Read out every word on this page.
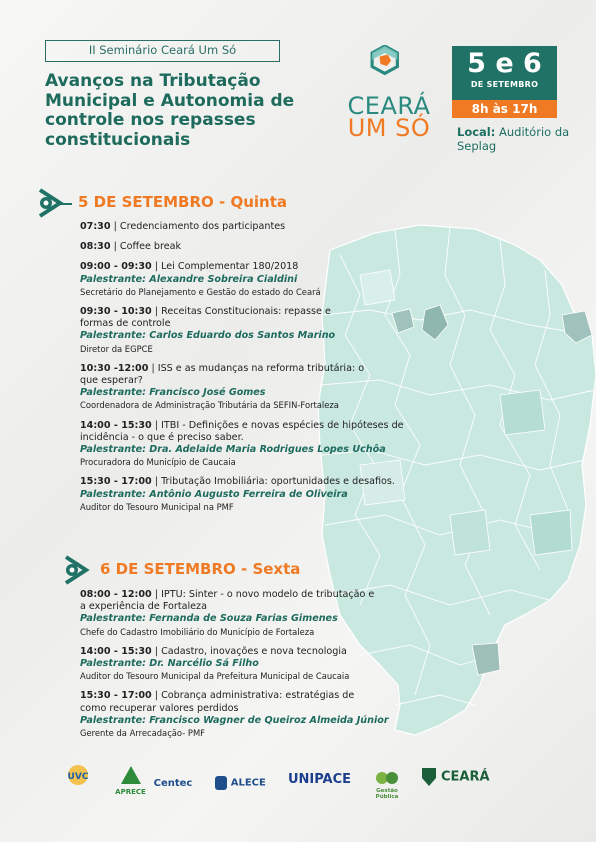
II Seminário Ceará Um Só
Avanços na Tributação
Municipal e Autonomia de
controle nos repasses
constitucionais
CEARÁ
UM SÓ
5 e 6
DE SETEMBRO
8h às 17h
Local: Auditório da Seplag
5 DE SETEMBRO - Quinta
07:30 | Credenciamento dos participantes
08:30 | Coffee break
09:00 - 09:30 | Lei Complementar 180/2018
Palestrante: Alexandre Sobreira Cialdini
Secretário do Planejamento e Gestão do estado do Ceará
09:30 - 10:30 | Receitas Constitucionais: repasse e formas de controle
Palestrante: Carlos Eduardo dos Santos Marino
Diretor da EGPCE
10:30 -12:00 | ISS e as mudanças na reforma tributária: o que esperar?
Palestrante: Francisco José Gomes
Coordenadora de Administração Tributária da SEFIN-Fortaleza
14:00 - 15:30 | ITBI - Definições e novas espécies de hipóteses de incidência - o que é preciso saber.
Palestrante: Dra. Adelaide Maria Rodrigues Lopes Uchôa
Procuradora do Município de Caucaia
15:30 - 17:00 | Tributação Imobiliária: oportunidades e desafios.
Palestrante: Antônio Augusto Ferreira de Oliveira
Auditor do Tesouro Municipal na PMF
6 DE SETEMBRO - Sexta
08:00 - 12:00 | IPTU: Sinter - o novo modelo de tributação e a experiência de Fortaleza
Palestrante: Fernanda de Souza Farias Gimenes
Chefe do Cadastro Imobiliário do Município de Fortaleza
14:00 - 15:30 | Cadastro, inovações e nova tecnologia
Palestrante: Dr. Narcélio Sá Filho
Auditor do Tesouro Municipal da Prefeitura Municipal de Caucaia
15:30 - 17:00 | Cobrança administrativa: estratégias de como recuperar valores perdidos
Palestrante: Francisco Wagner de Queiroz Almeida Júnior
Gerente da Arrecadação- PMF
UVC
APRECE
Centec	ALECE	UNIPACE
Gestão Pública
CEARÁ
